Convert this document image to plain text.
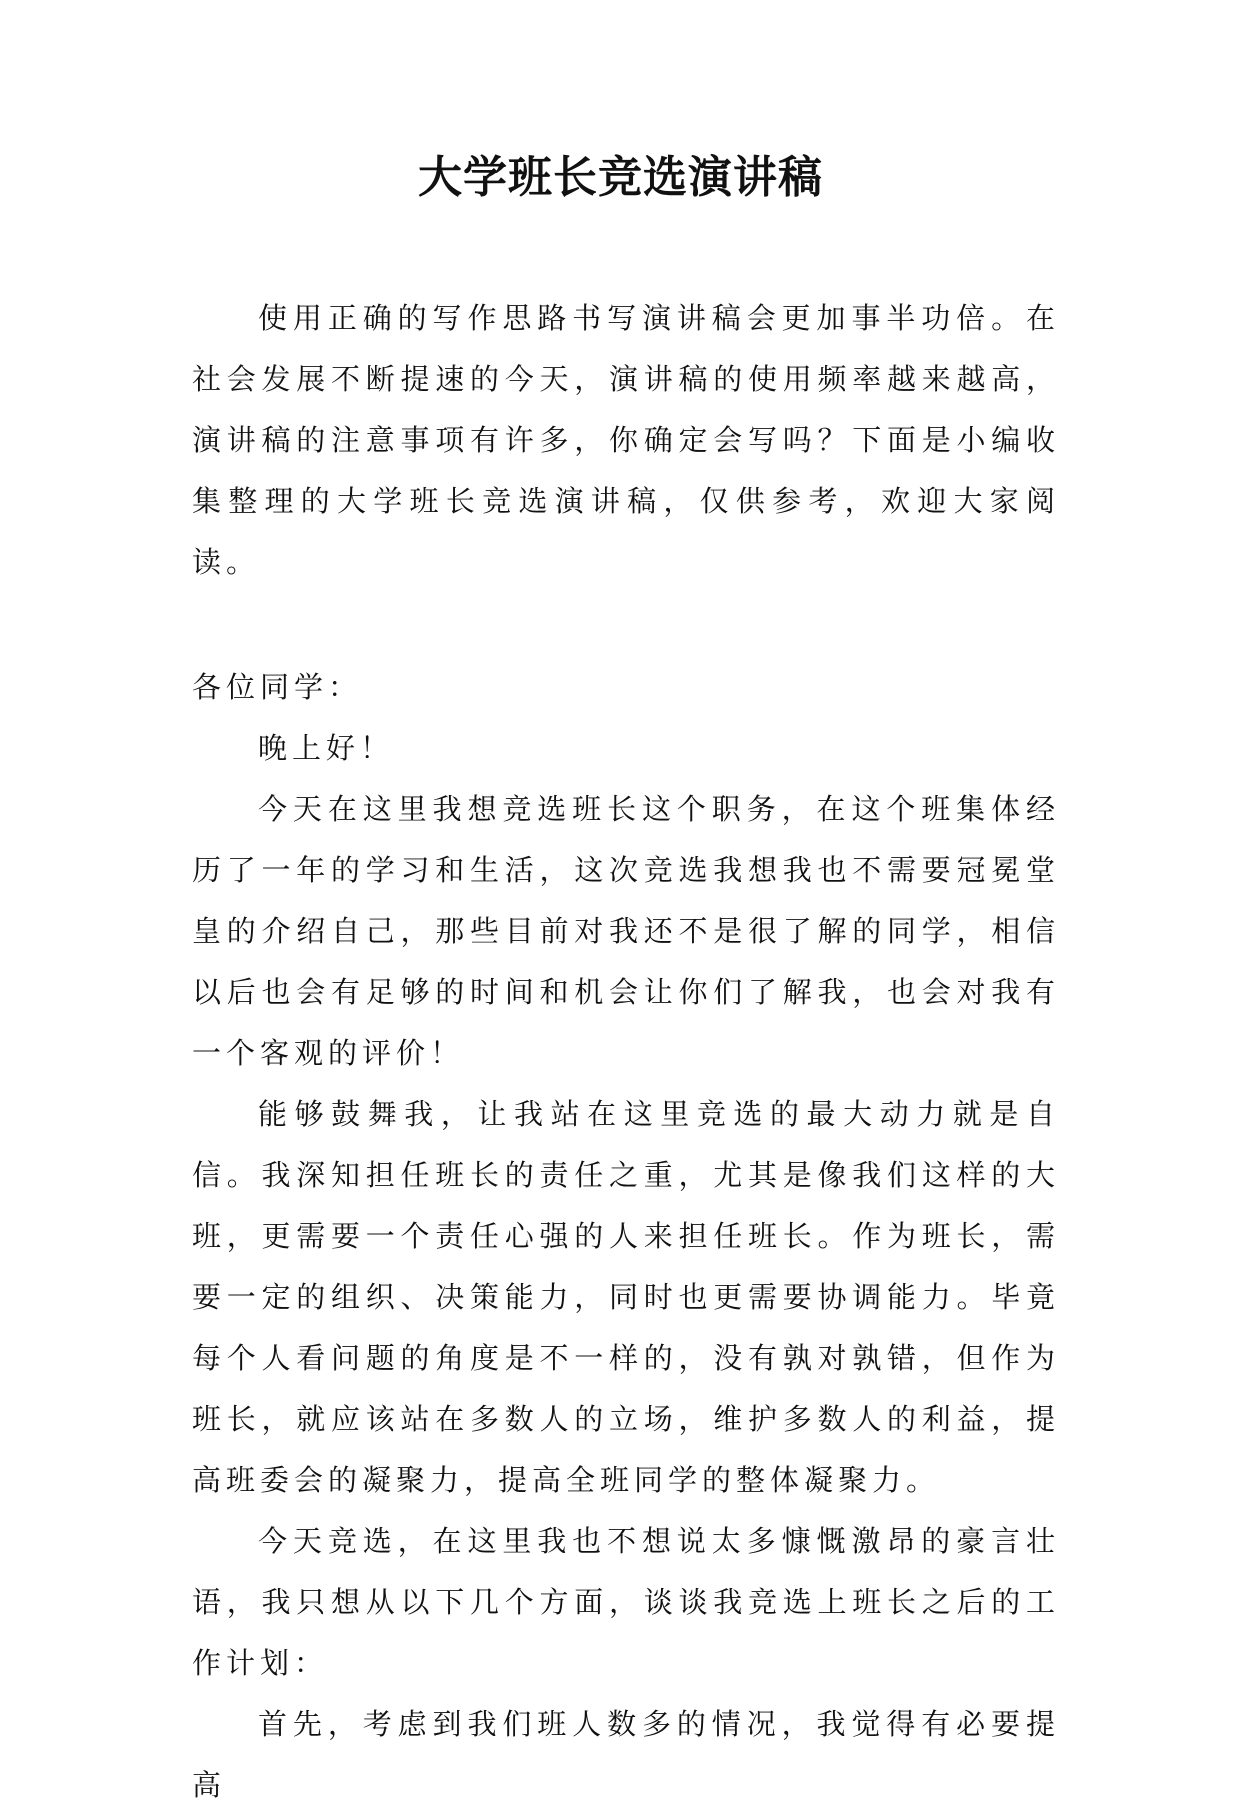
大学班长竞选演讲稿

使用正确的写作思路书写演讲稿会更加事半功倍。在社会发展不断提速的今天，演讲稿的使用频率越来越高，演讲稿的注意事项有许多，你确定会写吗？下面是小编收集整理的大学班长竞选演讲稿，仅供参考，欢迎大家阅读。

各位同学：

晚上好！

今天在这里我想竞选班长这个职务，在这个班集体经历了一年的学习和生活，这次竞选我想我也不需要冠冕堂皇的介绍自己，那些目前对我还不是很了解的同学，相信以后也会有足够的时间和机会让你们了解我，也会对我有一个客观的评价！

能够鼓舞我，让我站在这里竞选的最大动力就是自信。我深知担任班长的责任之重，尤其是像我们这样的大班，更需要一个责任心强的人来担任班长。作为班长，需要一定的组织、决策能力，同时也更需要协调能力。毕竟每个人看问题的角度是不一样的，没有孰对孰错，但作为班长，就应该站在多数人的立场，维护多数人的利益，提高班委会的凝聚力，提高全班同学的整体凝聚力。

今天竞选，在这里我也不想说太多慷慨激昂的豪言壮语，我只想从以下几个方面，谈谈我竞选上班长之后的工作计划：

首先，考虑到我们班人数多的情况，我觉得有必要提高
